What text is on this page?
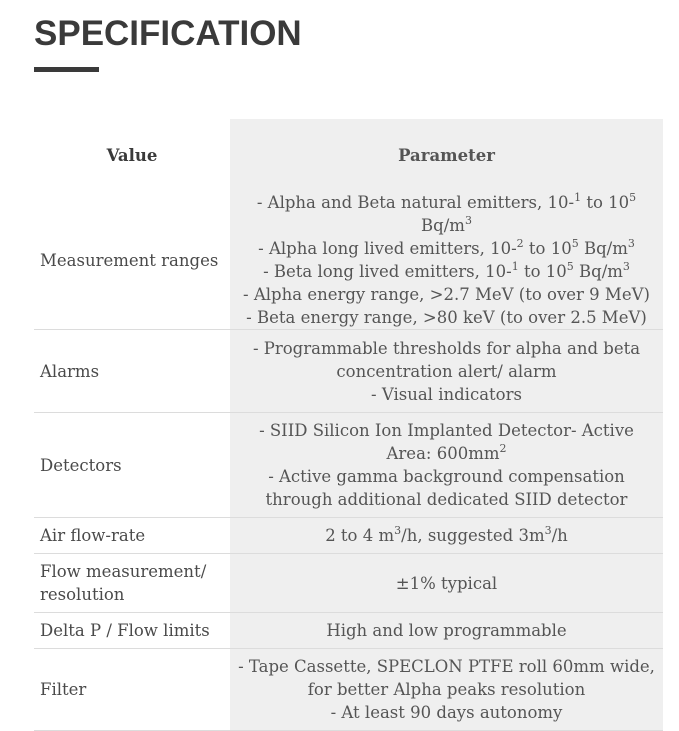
SPECIFICATION
Value	Parameter
Measurement ranges	- Alpha and Beta natural emitters, 10-$^1$ to $10^5$ $Bq/m^3$
- Alpha long lived emitters, 10-$^2$ to $10^5$ $Bq/m^3$
- Beta long lived emitters, 10-$^1$ to $10^5$ $Bq/m^3$
- Alpha energy range, >2.7 MeV (to over 9 MeV)
- Beta energy range, >80 keV (to over 2.5 MeV)

Alarms	- Programmable thresholds for alpha and beta concentration alert/ alarm
- Visual indicators

Detectors	- SIID Silicon Ion Implanted Detector- Active Area: $600mm^2$
- Active gamma background compensation through additional dedicated SIID detector

Air flow-rate	2 to 4 $m^3/h$, suggested $3m^3/h$

Flow measurement/ resolution	±1% typical

Delta P / Flow limits	High and low programmable

Filter	- Tape Cassette, SPECLON PTFE roll 60mm wide, for better Alpha peaks resolution
- At least 90 days autonomy
